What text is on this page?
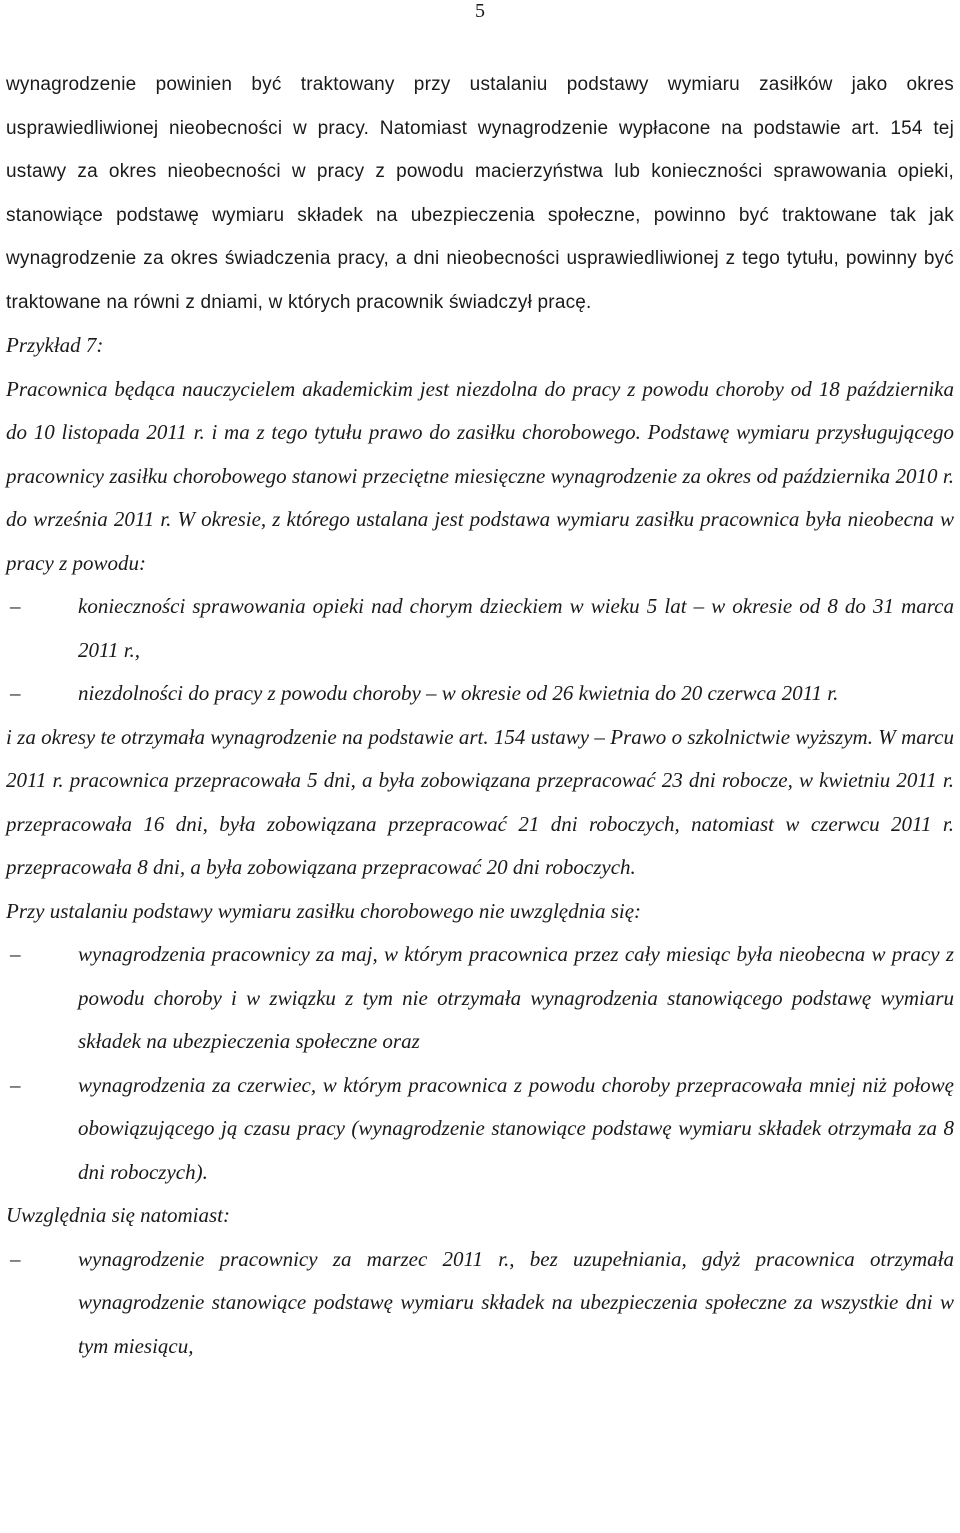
5

wynagrodzenie powinien być traktowany przy ustalaniu podstawy wymiaru zasiłków jako okres usprawiedliwionej nieobecności w pracy. Natomiast wynagrodzenie wypłacone na podstawie art. 154 tej ustawy za okres nieobecności w pracy z powodu macierzyństwa lub konieczności sprawowania opieki, stanowiące podstawę wymiaru składek na ubezpieczenia społeczne, powinno być traktowane tak jak wynagrodzenie za okres świadczenia pracy, a dni nieobecności usprawiedliwionej z tego tytułu, powinny być traktowane na równi z dniami, w których pracownik świadczył pracę.

Przykład 7:

Pracownica będąca nauczycielem akademickim jest niezdolna do pracy z powodu choroby od 18 października do 10 listopada 2011 r. i ma z tego tytułu prawo do zasiłku chorobowego. Podstawę wymiaru przysługującego pracownicy zasiłku chorobowego stanowi przeciętne miesięczne wynagrodzenie za okres od października 2010 r. do września 2011 r. W okresie, z którego ustalana jest podstawa wymiaru zasiłku pracownica była nieobecna w pracy z powodu:

–	konieczności sprawowania opieki nad chorym dzieckiem w wieku 5 lat – w okresie od 8 do 31 marca 2011 r.,

–	niezdolności do pracy z powodu choroby – w okresie od 26 kwietnia do 20 czerwca 2011 r.

i za okresy te otrzymała wynagrodzenie na podstawie art. 154 ustawy – Prawo o szkolnictwie wyższym. W marcu 2011 r. pracownica przepracowała 5 dni, a była zobowiązana przepracować 23 dni robocze, w kwietniu 2011 r. przepracowała 16 dni, była zobowiązana przepracować 21 dni roboczych, natomiast w czerwcu 2011 r. przepracowała 8 dni, a była zobowiązana przepracować 20 dni roboczych.

Przy ustalaniu podstawy wymiaru zasiłku chorobowego nie uwzględnia się:

–	wynagrodzenia pracownicy za maj, w którym pracownica przez cały miesiąc była nieobecna w pracy z powodu choroby i w związku z tym nie otrzymała wynagrodzenia stanowiącego podstawę wymiaru składek na ubezpieczenia społeczne oraz

–	wynagrodzenia za czerwiec, w którym pracownica z powodu choroby przepracowała mniej niż połowę obowiązującego ją czasu pracy (wynagrodzenie stanowiące podstawę wymiaru składek otrzymała za 8 dni roboczych).

Uwzględnia się natomiast:

–	wynagrodzenie pracownicy za marzec 2011 r., bez uzupełniania, gdyż pracownica otrzymała wynagrodzenie stanowiące podstawę wymiaru składek na ubezpieczenia społeczne za wszystkie dni w tym miesiącu,
